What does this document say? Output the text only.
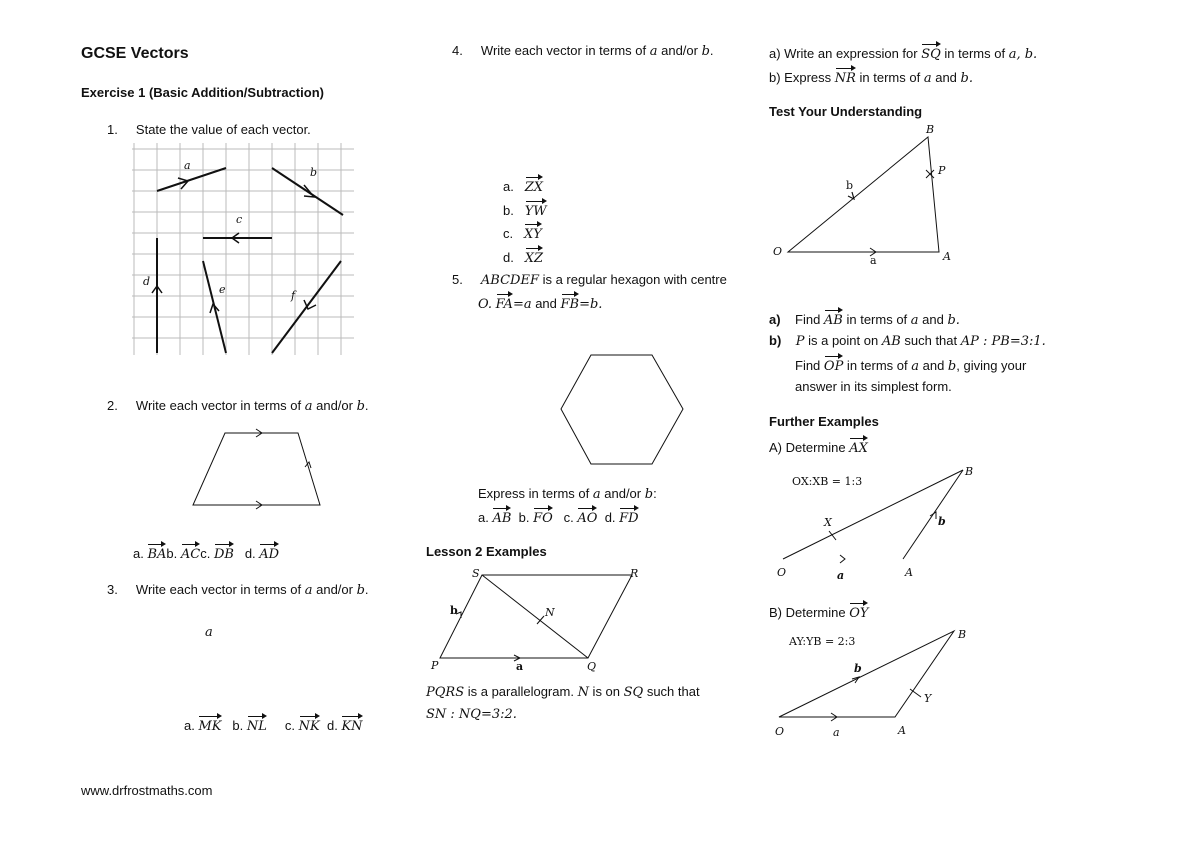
GCSE Vectors
Exercise 1 (Basic Addition/Subtraction)
1. State the value of each vector.
a
b
c
d
e	f
2. Write each vector in terms of a and/or b.
a. BAb. ACc. DB d. AD
3. Write each vector in terms of a and/or b.
a
a. MK b. NL c. NK d. KN
www.drfrostmaths.com
4. Write each vector in terms of a and/or b.
a. ZX
b. YW
c. XY
d. XZ
5. ABCDEF is a regular hexagon with centre
O. FA=a and FB=b.
Express in terms of a and/or b:
a. AB b. FO c. AO d. FD
Lesson 2 Examples
S	R
P	Q
N
a
b
PQRS is a parallelogram. N is on SQ such that
SN : NQ=3:2.
a) Write an expression for SQ in terms of a, b.
b) Express NR in terms of a and b.
Test Your Understanding
B
P
O	A
a
b
a) Find AB in terms of a and b.
b) P is a point on AB such that AP : PB=3:1.
Find OP in terms of a and b, giving your
answer in its simplest form.
Further Examples
A) Determine AX
OX:XB = 1:3
B
X
O	A
a
b
B) Determine OY
AY:YB = 2:3
B
Y
O	A
a
b
